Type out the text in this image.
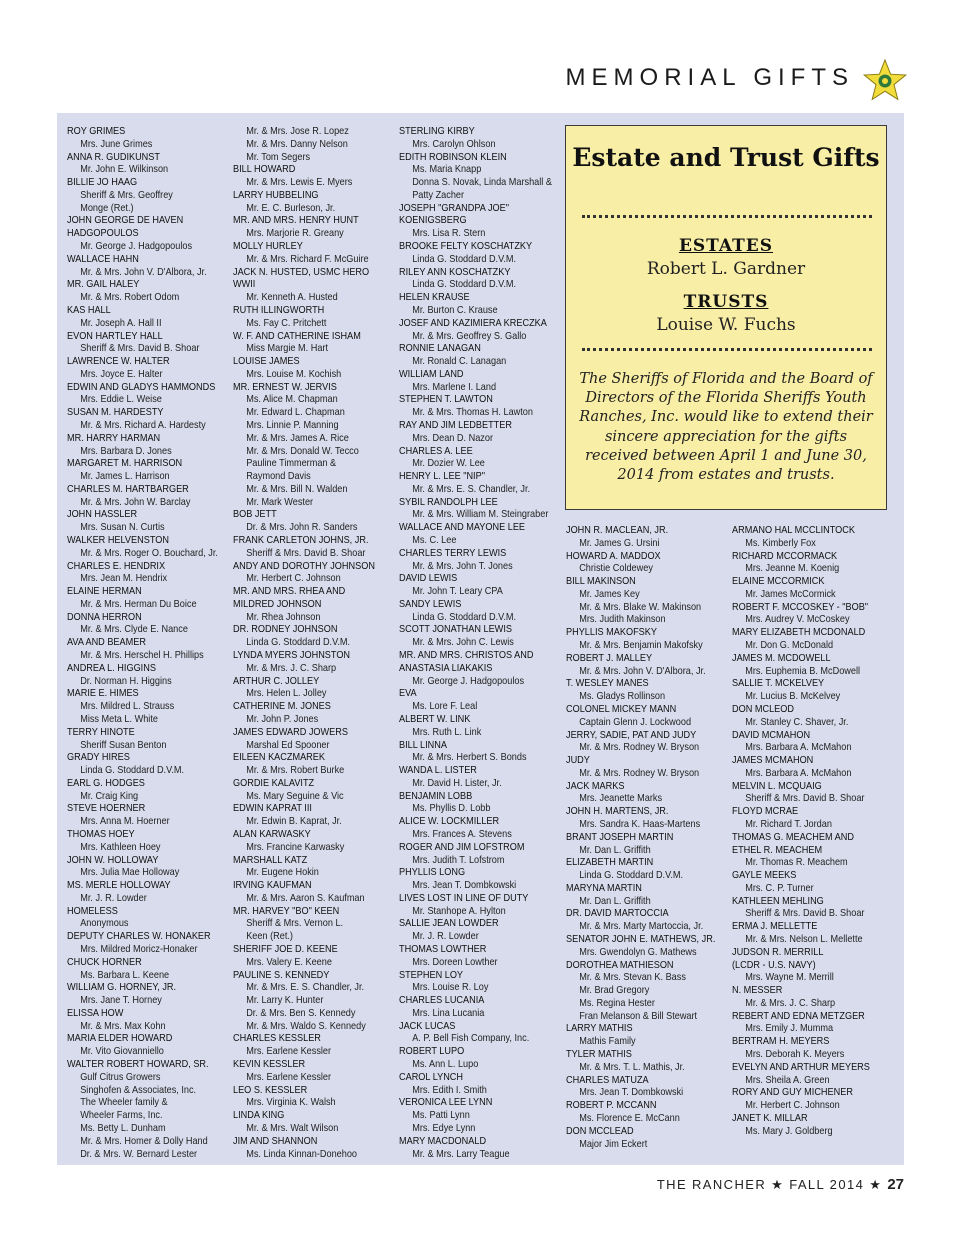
MEMORIAL GIFTS
ROY GRIMES
Mrs. June Grimes
ANNA R. GUDIKUNST
Mr. John E. Wilkinson
BILLIE JO HAAG
Sheriff & Mrs. Geoffrey
Monge (Ret.)
JOHN GEORGE DE HAVEN
HADGOPOULOS
Mr. George J. Hadgopoulos
WALLACE HAHN
Mr. & Mrs. John V. D'Albora, Jr.
MR. GAIL HALEY
Mr. & Mrs. Robert Odom
KAS HALL
Mr. Joseph A. Hall II
EVON HARTLEY HALL
Sheriff & Mrs. David B. Shoar
LAWRENCE W. HALTER
Mrs. Joyce E. Halter
EDWIN AND GLADYS HAMMONDS
Mrs. Eddie L. Weise
SUSAN M. HARDESTY
Mr. & Mrs. Richard A. Hardesty
MR. HARRY HARMAN
Mrs. Barbara D. Jones
MARGARET M. HARRISON
Mr. James L. Harrison
CHARLES M. HARTBARGER
Mr. & Mrs. John W. Barclay
JOHN HASSLER
Mrs. Susan N. Curtis
WALKER HELVENSTON
Mr. & Mrs. Roger O. Bouchard, Jr.
CHARLES E. HENDRIX
Mrs. Jean M. Hendrix
ELAINE HERMAN
Mr. & Mrs. Herman Du Boice
DONNA HERRON
Mr. & Mrs. Clyde E. Nance
AVA AND BEAMER
Mr. & Mrs. Herschel H. Phillips
ANDREA L. HIGGINS
Dr. Norman H. Higgins
MARIE E. HIMES
Mrs. Mildred L. Strauss
Miss Meta L. White
TERRY HINOTE
Sheriff Susan Benton
GRADY HIRES
Linda G. Stoddard D.V.M.
EARL G. HODGES
Mr. Craig King
STEVE HOERNER
Mrs. Anna M. Hoerner
THOMAS HOEY
Mrs. Kathleen Hoey
JOHN W. HOLLOWAY
Mrs. Julia Mae Holloway
MS. MERLE HOLLOWAY
Mr. J. R. Lowder
HOMELESS
Anonymous
DEPUTY CHARLES W. HONAKER
Mrs. Mildred Moricz-Honaker
CHUCK HORNER
Ms. Barbara L. Keene
WILLIAM G. HORNEY, JR.
Mrs. Jane T. Horney
ELISSA HOW
Mr. & Mrs. Max Kohn
MARIA ELDER HOWARD
Mr. Vito Giovanniello
WALTER ROBERT HOWARD, SR.
Gulf Citrus Growers
Singhofen & Associates, Inc.
The Wheeler family &
Wheeler Farms, Inc.
Ms. Betty L. Dunham
Mr. & Mrs. Homer & Dolly Hand
Dr. & Mrs. W. Bernard Lester
Mr. & Mrs. Jose R. Lopez
Mr. & Mrs. Danny Nelson
Mr. Tom Segers
BILL HOWARD
Mr. & Mrs. Lewis E. Myers
LARRY HUBBELING
Mr. E. C. Burleson, Jr.
MR. AND MRS. HENRY HUNT
Mrs. Marjorie R. Greany
MOLLY HURLEY
Mr. & Mrs. Richard F. McGuire
JACK N. HUSTED, USMC HERO
WWII
Mr. Kenneth A. Husted
RUTH ILLINGWORTH
Ms. Fay C. Pritchett
W. F. AND CATHERINE ISHAM
Miss Margie M. Hart
LOUISE JAMES
Mrs. Louise M. Kochish
MR. ERNEST W. JERVIS
Ms. Alice M. Chapman
Mr. Edward L. Chapman
Mrs. Linnie P. Manning
Mr. & Mrs. James A. Rice
Mr. & Mrs. Donald W. Tecco
Pauline Timmerman &
Raymond Davis
Mr. & Mrs. Bill N. Walden
Mr. Mark Wester
BOB JETT
Dr. & Mrs. John R. Sanders
FRANK CARLETON JOHNS, JR.
Sheriff & Mrs. David B. Shoar
ANDY AND DOROTHY JOHNSON
Mr. Herbert C. Johnson
MR. AND MRS. RHEA AND
MILDRED JOHNSON
Mr. Rhea Johnson
DR. RODNEY JOHNSON
Linda G. Stoddard D.V.M.
LYNDA MYERS JOHNSTON
Mr. & Mrs. J. C. Sharp
ARTHUR C. JOLLEY
Mrs. Helen L. Jolley
CATHERINE M. JONES
Mr. John P. Jones
JAMES EDWARD JOWERS
Marshal Ed Spooner
EILEEN KACZMAREK
Mr. & Mrs. Robert Burke
GORDIE KALAVITZ
Ms. Mary Seguine & Vic
EDWIN KAPRAT III
Mr. Edwin B. Kaprat, Jr.
ALAN KARWASKY
Mrs. Francine Karwasky
MARSHALL KATZ
Mr. Eugene Hokin
IRVING KAUFMAN
Mr. & Mrs. Aaron S. Kaufman
MR. HARVEY "BO" KEEN
Sheriff & Mrs. Vernon L.
Keen (Ret.)
SHERIFF JOE D. KEENE
Mrs. Valery E. Keene
PAULINE S. KENNEDY
Mr. & Mrs. E. S. Chandler, Jr.
Mr. Larry K. Hunter
Dr. & Mrs. Ben S. Kennedy
Mr. & Mrs. Waldo S. Kennedy
CHARLES KESSLER
Mrs. Earlene Kessler
KEVIN KESSLER
Mrs. Earlene Kessler
LEO S. KESSLER
Mrs. Virginia K. Walsh
LINDA KING
Mr. & Mrs. Walt Wilson
JIM AND SHANNON
Ms. Linda Kinnan-Donehoo
STERLING KIRBY
Mrs. Carolyn Ohlson
EDITH ROBINSON KLEIN
Ms. Maria Knapp
Donna S. Novak, Linda Marshall &
Patty Zacher
JOSEPH "GRANDPA JOE"
KOENIGSBERG
Mrs. Lisa R. Stern
BROOKE FELTY KOSCHATZKY
Linda G. Stoddard D.V.M.
RILEY ANN KOSCHATZKY
Linda G. Stoddard D.V.M.
HELEN KRAUSE
Mr. Burton C. Krause
JOSEF AND KAZIMIERA KRECZKA
Mr. & Mrs. Geoffrey S. Gallo
RONNIE LANAGAN
Mr. Ronald C. Lanagan
WILLIAM LAND
Mrs. Marlene I. Land
STEPHEN T. LAWTON
Mr. & Mrs. Thomas H. Lawton
RAY AND JIM LEDBETTER
Mrs. Dean D. Nazor
CHARLES A. LEE
Mr. Dozier W. Lee
HENRY L. LEE "NIP"
Mr. & Mrs. E. S. Chandler, Jr.
SYBIL RANDOLPH LEE
Mr. & Mrs. William M. Steingraber
WALLACE AND MAYONE LEE
Ms. C. Lee
CHARLES TERRY LEWIS
Mr. & Mrs. John T. Jones
DAVID LEWIS
Mr. John T. Leary CPA
SANDY LEWIS
Linda G. Stoddard D.V.M.
SCOTT JONATHAN LEWIS
Mr. & Mrs. John C. Lewis
MR. AND MRS. CHRISTOS AND
ANASTASIA LIAKAKIS
Mr. George J. Hadgopoulos
EVA
Ms. Lore F. Leal
ALBERT W. LINK
Mrs. Ruth L. Link
BILL LINNA
Mr. & Mrs. Herbert S. Bonds
WANDA L. LISTER
Mr. David H. Lister, Jr.
BENJAMIN LOBB
Ms. Phyllis D. Lobb
ALICE W. LOCKMILLER
Mrs. Frances A. Stevens
ROGER AND JIM LOFSTROM
Mrs. Judith T. Lofstrom
PHYLLIS LONG
Mrs. Jean T. Dombkowski
LIVES LOST IN LINE OF DUTY
Mr. Stanhope A. Hylton
SALLIE JEAN LOWDER
Mr. J. R. Lowder
THOMAS LOWTHER
Mrs. Doreen Lowther
STEPHEN LOY
Mrs. Louise R. Loy
CHARLES LUCANIA
Mrs. Lina Lucania
JACK LUCAS
A. P. Bell Fish Company, Inc.
ROBERT LUPO
Ms. Ann L. Lupo
CAROL LYNCH
Mrs. Edith I. Smith
VERONICA LEE LYNN
Ms. Patti Lynn
Mrs. Edye Lynn
MARY MACDONALD
Mr. & Mrs. Larry Teague
JOHN R. MACLEAN, JR.
Mr. James G. Ursini
HOWARD A. MADDOX
Christie Coldewey
BILL MAKINSON
Mr. James Key
Mr. & Mrs. Blake W. Makinson
Mrs. Judith Makinson
PHYLLIS MAKOFSKY
Mr. & Mrs. Benjamin Makofsky
ROBERT J. MALLEY
Mr. & Mrs. John V. D'Albora, Jr.
T. WESLEY MANES
Ms. Gladys Rollinson
COLONEL MICKEY MANN
Captain Glenn J. Lockwood
JERRY, SADIE, PAT AND JUDY
Mr. & Mrs. Rodney W. Bryson
JUDY
Mr. & Mrs. Rodney W. Bryson
JACK MARKS
Mrs. Jeanette Marks
JOHN H. MARTENS, JR.
Mrs. Sandra K. Haas-Martens
BRANT JOSEPH MARTIN
Mr. Dan L. Griffith
ELIZABETH MARTIN
Linda G. Stoddard D.V.M.
MARYNA MARTIN
Mr. Dan L. Griffith
DR. DAVID MARTOCCIA
Mr. & Mrs. Marty Martoccia, Jr.
SENATOR JOHN E. MATHEWS, JR.
Mrs. Gwendolyn G. Mathews
DOROTHEA MATHIESON
Mr. & Mrs. Stevan K. Bass
Mr. Brad Gregory
Ms. Regina Hester
Fran Melanson & Bill Stewart
LARRY MATHIS
Mathis Family
TYLER MATHIS
Mr. & Mrs. T. L. Mathis, Jr.
CHARLES MATUZA
Mrs. Jean T. Dombkowski
ROBERT P. MCCANN
Ms. Florence E. McCann
DON MCCLEAD
Major Jim Eckert
ARMANO HAL MCCLINTOCK
Ms. Kimberly Fox
RICHARD MCCORMACK
Mrs. Jeanne M. Koenig
ELAINE MCCORMICK
Mr. James McCormick
ROBERT F. MCCOSKEY - "BOB"
Mrs. Audrey V. McCoskey
MARY ELIZABETH MCDONALD
Mr. Don G. McDonald
JAMES M. MCDOWELL
Mrs. Euphemia B. McDowell
SALLIE T. MCKELVEY
Mr. Lucius B. McKelvey
DON MCLEOD
Mr. Stanley C. Shaver, Jr.
DAVID MCMAHON
Mrs. Barbara A. McMahon
JAMES MCMAHON
Mrs. Barbara A. McMahon
MELVIN L. MCQUAIG
Sheriff & Mrs. David B. Shoar
FLOYD MCRAE
Mr. Richard T. Jordan
THOMAS G. MEACHEM AND
ETHEL R. MEACHEM
Mr. Thomas R. Meachem
GAYLE MEEKS
Mrs. C. P. Turner
KATHLEEN MEHLING
Sheriff & Mrs. David B. Shoar
ERMA J. MELLETTE
Mr. & Mrs. Nelson L. Mellette
JUDSON R. MERRILL
(LCDR - U.S. NAVY)
Mrs. Wayne M. Merrill
N. MESSER
Mr. & Mrs. J. C. Sharp
REBERT AND EDNA METZGER
Mrs. Emily J. Mumma
BERTRAM H. MEYERS
Mrs. Deborah K. Meyers
EVELYN AND ARTHUR MEYERS
Mrs. Sheila A. Green
RORY AND GUY MICHENER
Mr. Herbert C. Johnson
JANET K. MILLAR
Ms. Mary J. Goldberg
Estate and Trust Gifts
ESTATES
Robert L. Gardner
TRUSTS
Louise W. Fuchs
The Sheriffs of Florida and the Board of Directors of the Florida Sheriffs Youth Ranches, Inc. would like to extend their sincere appreciation for the gifts received between April 1 and June 30, 2014 from estates and trusts.
THE RANCHER ★ FALL 2014 ★ 27
